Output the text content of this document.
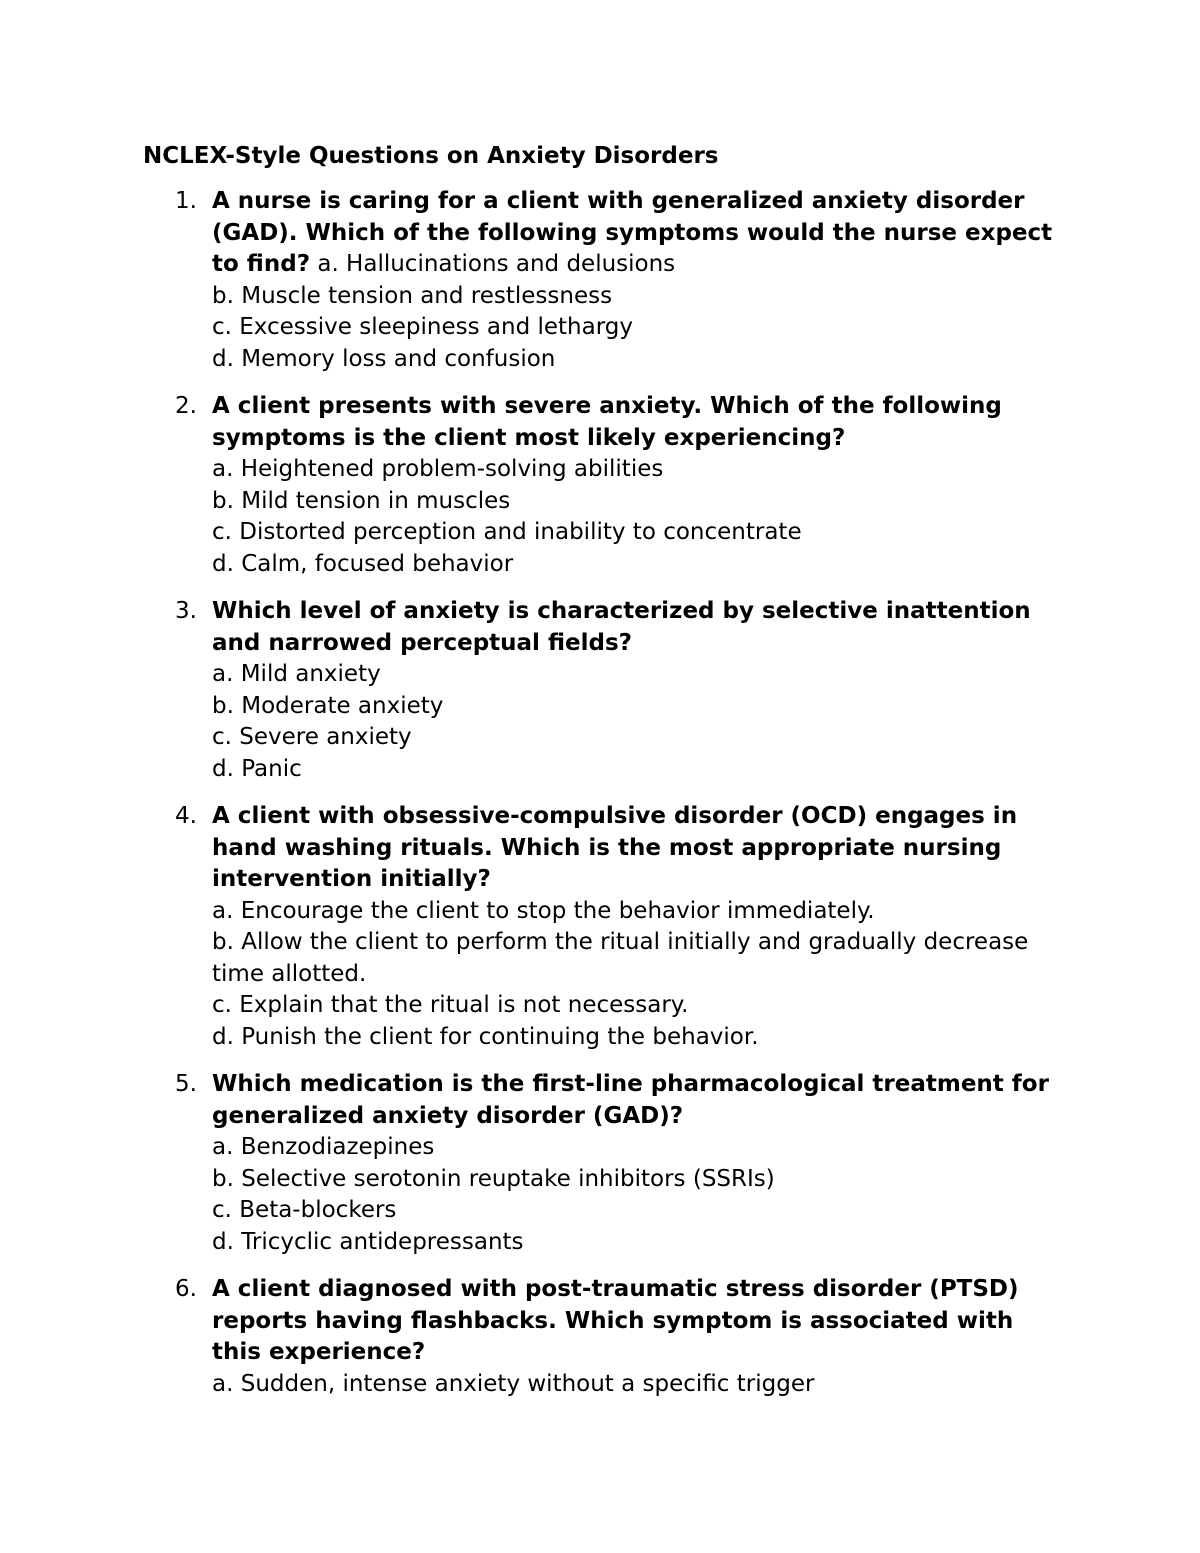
NCLEX-Style Questions on Anxiety Disorders
1. A nurse is caring for a client with generalized anxiety disorder (GAD). Which of the following symptoms would the nurse expect to find? a. Hallucinations and delusions
b. Muscle tension and restlessness
c. Excessive sleepiness and lethargy
d. Memory loss and confusion
2. A client presents with severe anxiety. Which of the following symptoms is the client most likely experiencing?
a. Heightened problem-solving abilities
b. Mild tension in muscles
c. Distorted perception and inability to concentrate
d. Calm, focused behavior
3. Which level of anxiety is characterized by selective inattention and narrowed perceptual fields?
a. Mild anxiety
b. Moderate anxiety
c. Severe anxiety
d. Panic
4. A client with obsessive-compulsive disorder (OCD) engages in hand washing rituals. Which is the most appropriate nursing intervention initially?
a. Encourage the client to stop the behavior immediately.
b. Allow the client to perform the ritual initially and gradually decrease time allotted.
c. Explain that the ritual is not necessary.
d. Punish the client for continuing the behavior.
5. Which medication is the first-line pharmacological treatment for generalized anxiety disorder (GAD)?
a. Benzodiazepines
b. Selective serotonin reuptake inhibitors (SSRIs)
c. Beta-blockers
d. Tricyclic antidepressants
6. A client diagnosed with post-traumatic stress disorder (PTSD) reports having flashbacks. Which symptom is associated with this experience?
a. Sudden, intense anxiety without a specific trigger
